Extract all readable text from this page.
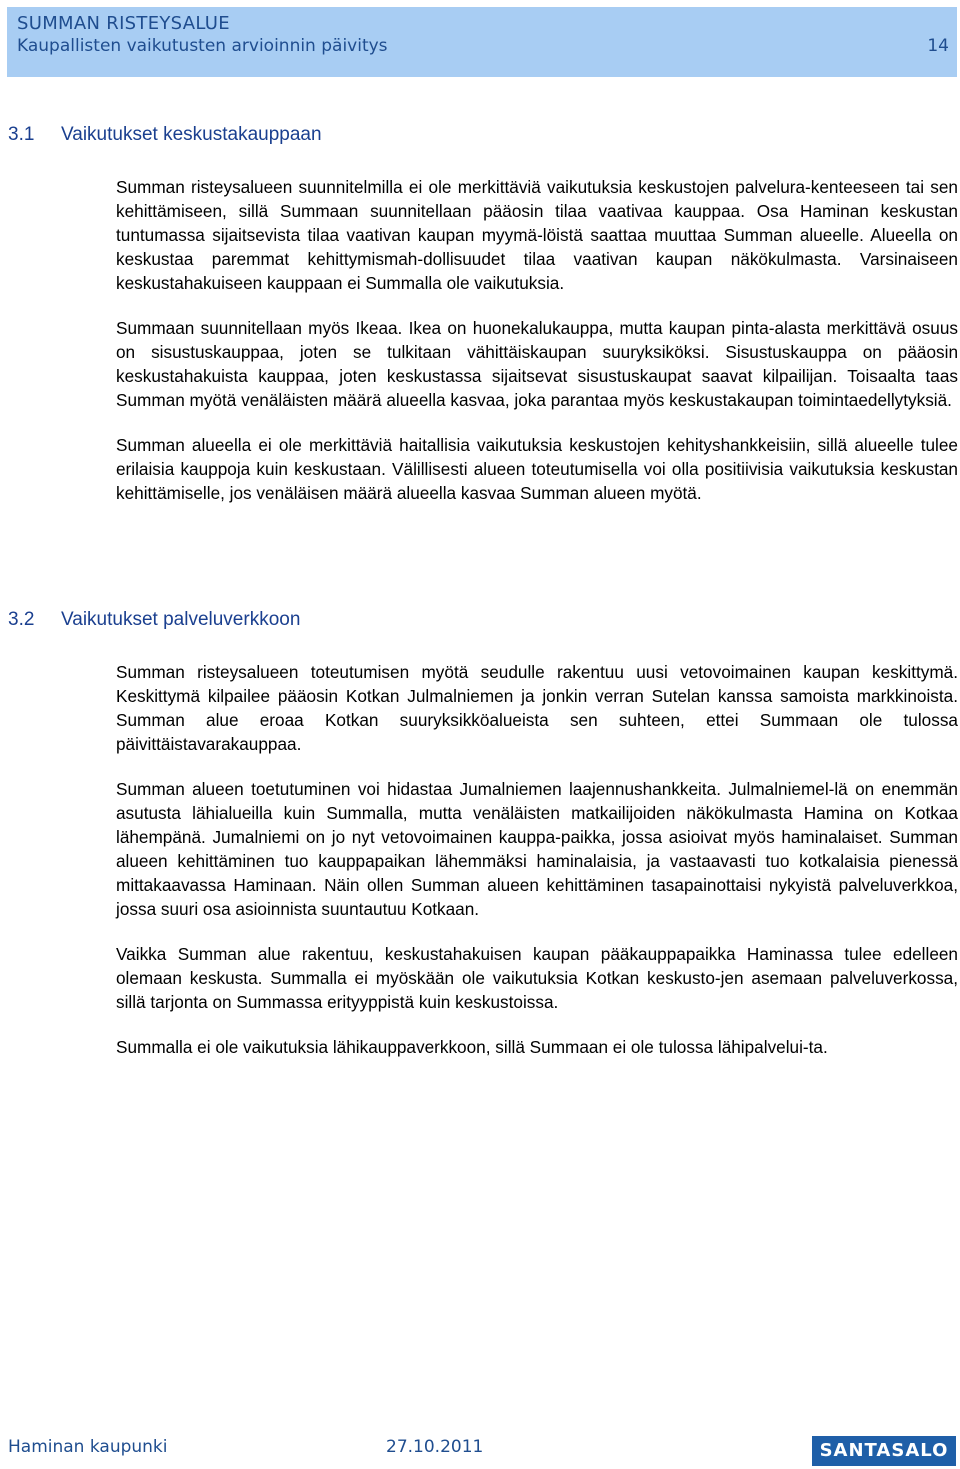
SUMMAN RISTEYSALUE
Kaupallisten vaikutusten arvioinnin päivitys	14
3.1 Vaikutukset keskustakauppaan

Summan risteysalueen suunnitelmilla ei ole merkittäviä vaikutuksia keskustojen palvelura-kenteeseen tai sen kehittämiseen, sillä Summaan suunnitellaan pääosin tilaa vaativaa kauppaa. Osa Haminan keskustan tuntumassa sijaitsevista tilaa vaativan kaupan myymä-löistä saattaa muuttaa Summan alueelle. Alueella on keskustaa paremmat kehittymismah-dollisuudet tilaa vaativan kaupan näkökulmasta. Varsinaiseen keskustahakuiseen kauppaan ei Summalla ole vaikutuksia.

Summaan suunnitellaan myös Ikeaa. Ikea on huonekalukauppa, mutta kaupan pinta-alasta merkittävä osuus on sisustuskauppaa, joten se tulkitaan vähittäiskaupan suuryksiköksi. Sisustuskauppa on pääosin keskustahakuista kauppaa, joten keskustassa sijaitsevat sisustuskaupat saavat kilpailijan. Toisaalta taas Summan myötä venäläisten määrä alueella kasvaa, joka parantaa myös keskustakaupan toimintaedellytyksiä.

Summan alueella ei ole merkittäviä haitallisia vaikutuksia keskustojen kehityshankkeisiin, sillä alueelle tulee erilaisia kauppoja kuin keskustaan. Välillisesti alueen toteutumisella voi olla positiivisia vaikutuksia keskustan kehittämiselle, jos venäläisen määrä alueella kasvaa Summan alueen myötä.

3.2 Vaikutukset palveluverkkoon

Summan risteysalueen toteutumisen myötä seudulle rakentuu uusi vetovoimainen kaupan keskittymä. Keskittymä kilpailee pääosin Kotkan Julmalniemen ja jonkin verran Sutelan kanssa samoista markkinoista. Summan alue eroaa Kotkan suuryksikköalueista sen suhteen, ettei Summaan ole tulossa päivittäistavarakauppaa.

Summan alueen toetutuminen voi hidastaa Jumalniemen laajennushankkeita. Julmalniemel-lä on enemmän asutusta lähialueilla kuin Summalla, mutta venäläisten matkailijoiden näkökulmasta Hamina on Kotkaa lähempänä. Jumalniemi on jo nyt vetovoimainen kauppa-paikka, jossa asioivat myös haminalaiset. Summan alueen kehittäminen tuo kauppapaikan lähemmäksi haminalaisia, ja vastaavasti tuo kotkalaisia pienessä mittakaavassa Haminaan. Näin ollen Summan alueen kehittäminen tasapainottaisi nykyistä palveluverkkoa, jossa suuri osa asioinnista suuntautuu Kotkaan.

Vaikka Summan alue rakentuu, keskustahakuisen kaupan pääkauppapaikka Haminassa tulee edelleen olemaan keskusta. Summalla ei myöskään ole vaikutuksia Kotkan keskusto-jen asemaan palveluverkossa, sillä tarjonta on Summassa erityyppistä kuin keskustoissa.

Summalla ei ole vaikutuksia lähikauppaverkkoon, sillä Summaan ei ole tulossa lähipalvelui-ta.

Haminan kaupunki	27.10.2011	SANTASALO
